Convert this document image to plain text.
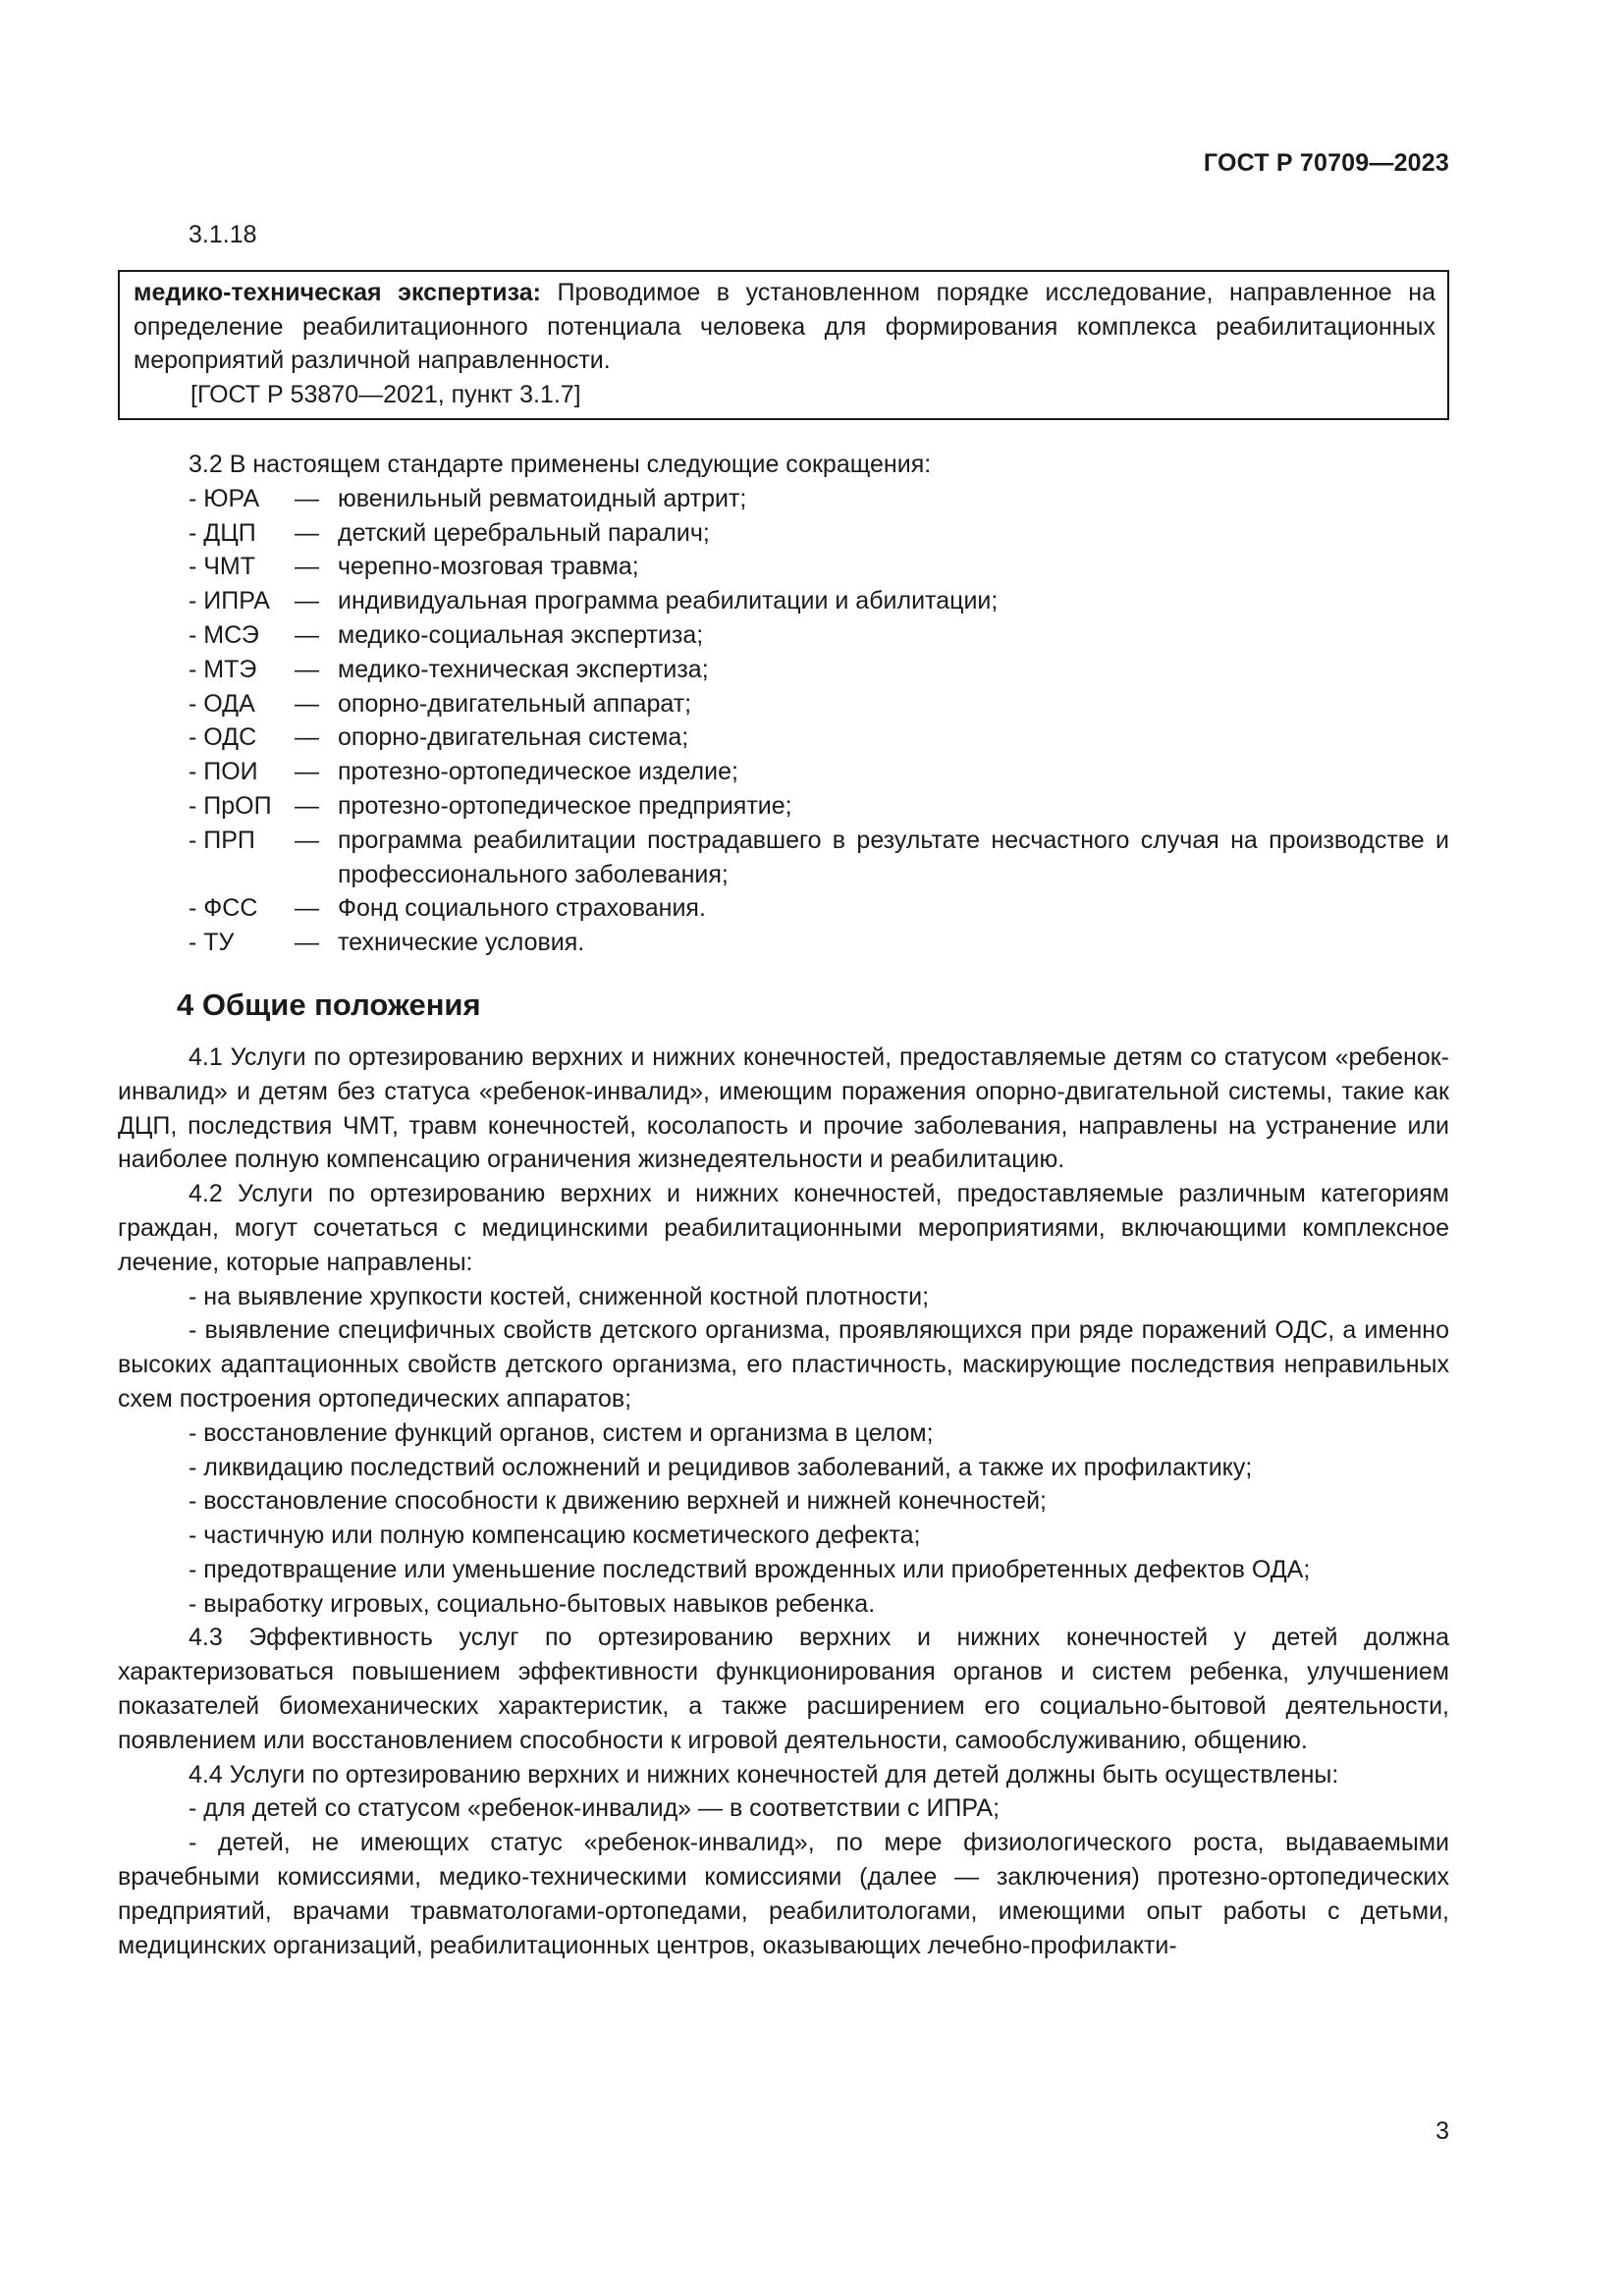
ГОСТ Р 70709—2023

3.1.18

медико-техническая экспертиза: Проводимое в установленном порядке исследование, направленное на определение реабилитационного потенциала человека для формирования комплекса реабилитационных мероприятий различной направленности.

[ГОСТ Р 53870—2021, пункт 3.1.7]

3.2 В настоящем стандарте применены следующие сокращения:

- ЮРА	— ювенильный ревматоидный артрит;
- ДЦП	— детский церебральный паралич;
- ЧМТ	— черепно-мозговая травма;
- ИПРА	— индивидуальная программа реабилитации и абилитации;
- МСЭ	— медико-социальная экспертиза;
- МТЭ	— медико-техническая экспертиза;
- ОДА	— опорно-двигательный аппарат;
- ОДС	— опорно-двигательная система;
- ПОИ	— протезно-ортопедическое изделие;
- ПрОП — протезно-ортопедическое предприятие;
- ПРП	— программа реабилитации пострадавшего в результате несчастного случая на производстве и профессионального заболевания;
- ФСС	— Фонд социального страхования.
- ТУ	— технические условия.
4 Общие положения

4.1 Услуги по ортезированию верхних и нижних конечностей, предоставляемые детям со статусом «ребенок-инвалид» и детям без статуса «ребенок-инвалид», имеющим поражения опорно-двигательной системы, такие как ДЦП, последствия ЧМТ, травм конечностей, косолапость и прочие заболевания, направлены на устранение или наиболее полную компенсацию ограничения жизнедеятельности и реабилитацию.

4.2 Услуги по ортезированию верхних и нижних конечностей, предоставляемые различным категориям граждан, могут сочетаться с медицинскими реабилитационными мероприятиями, включающими комплексное лечение, которые направлены:

- на выявление хрупкости костей, сниженной костной плотности;

- выявление специфичных свойств детского организма, проявляющихся при ряде поражений ОДС, а именно высоких адаптационных свойств детского организма, его пластичность, маскирующие последствия неправильных схем построения ортопедических аппаратов;

- восстановление функций органов, систем и организма в целом;

- ликвидацию последствий осложнений и рецидивов заболеваний, а также их профилактику;

- восстановление способности к движению верхней и нижней конечностей;

- частичную или полную компенсацию косметического дефекта;

- предотвращение или уменьшение последствий врожденных или приобретенных дефектов ОДА;

- выработку игровых, социально-бытовых навыков ребенка.

4.3 Эффективность услуг по ортезированию верхних и нижних конечностей у детей должна характеризоваться повышением эффективности функционирования органов и систем ребенка, улучшением показателей биомеханических характеристик, а также расширением его социально-бытовой деятельности, появлением или восстановлением способности к игровой деятельности, самообслуживанию, общению.

4.4 Услуги по ортезированию верхних и нижних конечностей для детей должны быть осуществлены:

- для детей со статусом «ребенок-инвалид» — в соответствии с ИПРА;

- детей, не имеющих статус «ребенок-инвалид», по мере физиологического роста, выдаваемыми врачебными комиссиями, медико-техническими комиссиями (далее — заключения) протезно-ортопедических предприятий, врачами травматологами-ортопедами, реабилитологами, имеющими опыт работы с детьми, медицинских организаций, реабилитационных центров, оказывающих лечебно-профилакти-

3
